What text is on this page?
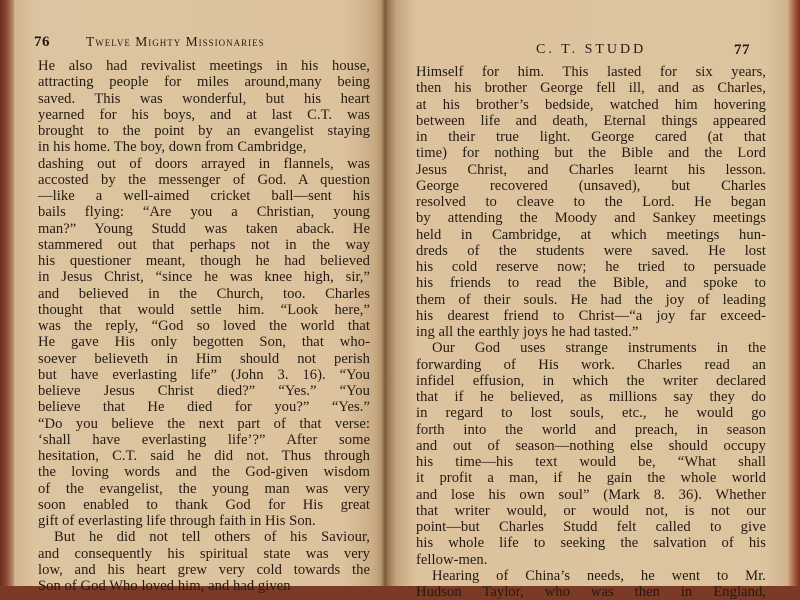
76	Twelve Mighty Missionaries
He also had revivalist meetings in his house,
attracting people for miles around,many being
saved. This was wonderful, but his heart
yearned for his boys, and at last C.T. was
brought to the point by an evangelist staying
in his home. The boy, down from Cambridge,
dashing out of doors arrayed in flannels, was
accosted by the messenger of God. A question
—like a well-aimed cricket ball—sent his
bails flying: “Are you a Christian, young
man?” Young Studd was taken aback. He
stammered out that perhaps not in the way
his questioner meant, though he had believed
in Jesus Christ, “since he was knee high, sir,”
and believed in the Church, too. Charles
thought that would settle him. “Look here,”
was the reply, “God so loved the world that
He gave His only begotten Son, that who-
soever believeth in Him should not perish
but have everlasting life” (John 3. 16). “You
believe Jesus Christ died?” “Yes.” “You
believe that He died for you?” “Yes.”
“Do you believe the next part of that verse:
‘shall have everlasting life’?” After some
hesitation, C.T. said he did not. Thus through
the loving words and the God-given wisdom
of the evangelist, the young man was very
soon enabled to thank God for His great
gift of everlasting life through faith in His Son.
But he did not tell others of his Saviour,
and consequently his spiritual state was very
low, and his heart grew very cold towards the
Son of God Who loved him, and had given
C. T. STUDD	77
Himself for him. This lasted for six years,
then his brother George fell ill, and as Charles,
at his brother’s bedside, watched him hovering
between life and death, Eternal things appeared
in their true light. George cared (at that
time) for nothing but the Bible and the Lord
Jesus Christ, and Charles learnt his lesson.
George recovered (unsaved), but Charles
resolved to cleave to the Lord. He began
by attending the Moody and Sankey meetings
held in Cambridge, at which meetings hun-
dreds of the students were saved. He lost
his cold reserve now; he tried to persuade
his friends to read the Bible, and spoke to
them of their souls. He had the joy of leading
his dearest friend to Christ—“a joy far exceed-
ing all the earthly joys he had tasted.”
Our God uses strange instruments in the
forwarding of His work. Charles read an
infidel effusion, in which the writer declared
that if he believed, as millions say they do
in regard to lost souls, etc., he would go
forth into the world and preach, in season
and out of season—nothing else should occupy
his time—his text would be, “What shall
it profit a man, if he gain the whole world
and lose his own soul” (Mark 8. 36). Whether
that writer would, or would not, is not our
point—but Charles Studd felt called to give
his whole life to seeking the salvation of his
fellow-men.
Hearing of China’s needs, he went to Mr.
Hudson Taylor, who was then in England,
